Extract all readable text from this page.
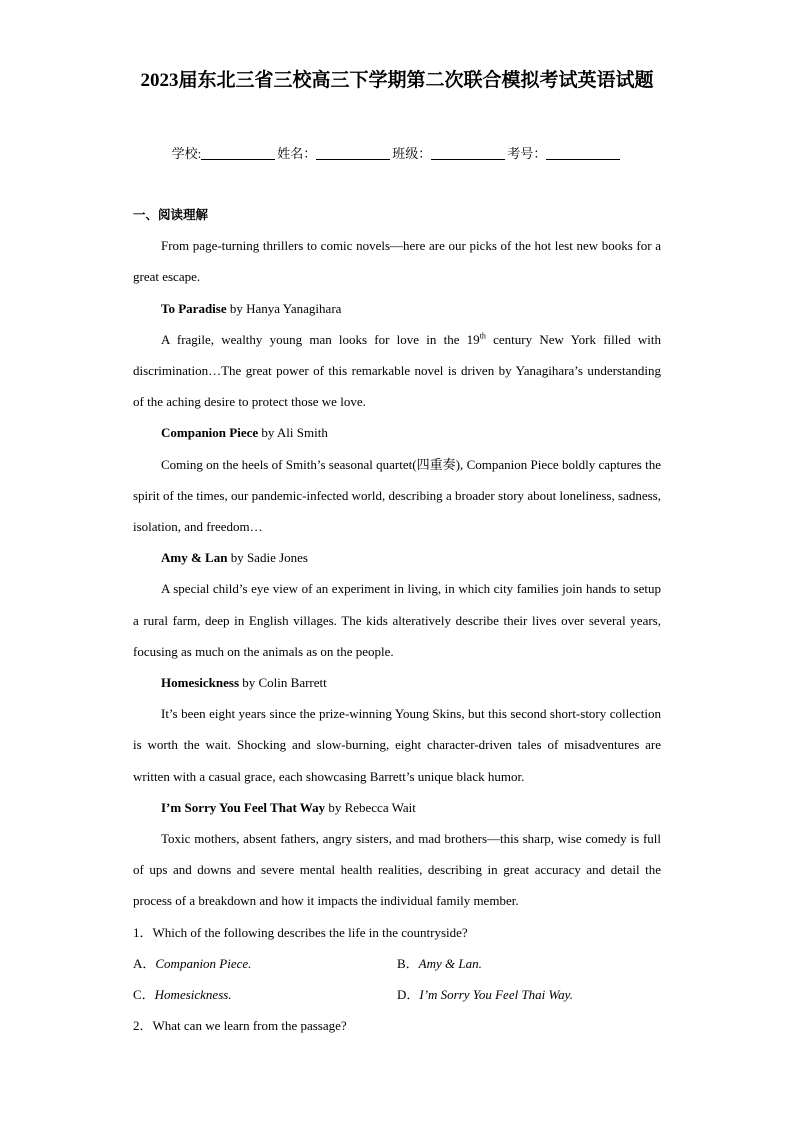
2023届东北三省三校高三下学期第二次联合模拟考试英语试题
学校:	姓名：	班级：	考号：

一、阅读理解

From page-turning thrillers to comic novels—here are our picks of the hot lest new books for a great escape.

To Paradise by Hanya Yanagihara

A fragile, wealthy young man looks for love in the 19th century New York filled with discrimination…The great power of this remarkable novel is driven by Yanagihara’s understanding of the aching desire to protect those we love.

Companion Piece by Ali Smith

Coming on the heels of Smith’s seasonal quartet(四重奏), Companion Piece boldly captures the spirit of the times, our pandemic-infected world, describing a broader story about loneliness, sadness, isolation, and freedom…

Amy & Lan by Sadie Jones

A special child’s eye view of an experiment in living, in which city families join hands to setup a rural farm, deep in English villages. The kids alteratively describe their lives over several years, focusing as much on the animals as on the people.

Homesickness by Colin Barrett

It’s been eight years since the prize-winning Young Skins, but this second short-story collection is worth the wait. Shocking and slow-burning, eight character-driven tales of misadventures are written with a casual grace, each showcasing Barrett’s unique black humor.

I’m Sorry You Feel That Way by Rebecca Wait

Toxic mothers, absent fathers, angry sisters, and mad brothers—this sharp, wise comedy is full of ups and downs and severe mental health realities, describing in great accuracy and detail the process of a breakdown and how it impacts the individual family member.

1．Which of the following describes the life in the countryside?

A．Companion Piece.	B．Amy & Lan.
C．Homesickness.	D．I’m Sorry You Feel Thai Way.

2．What can we learn from the passage?
